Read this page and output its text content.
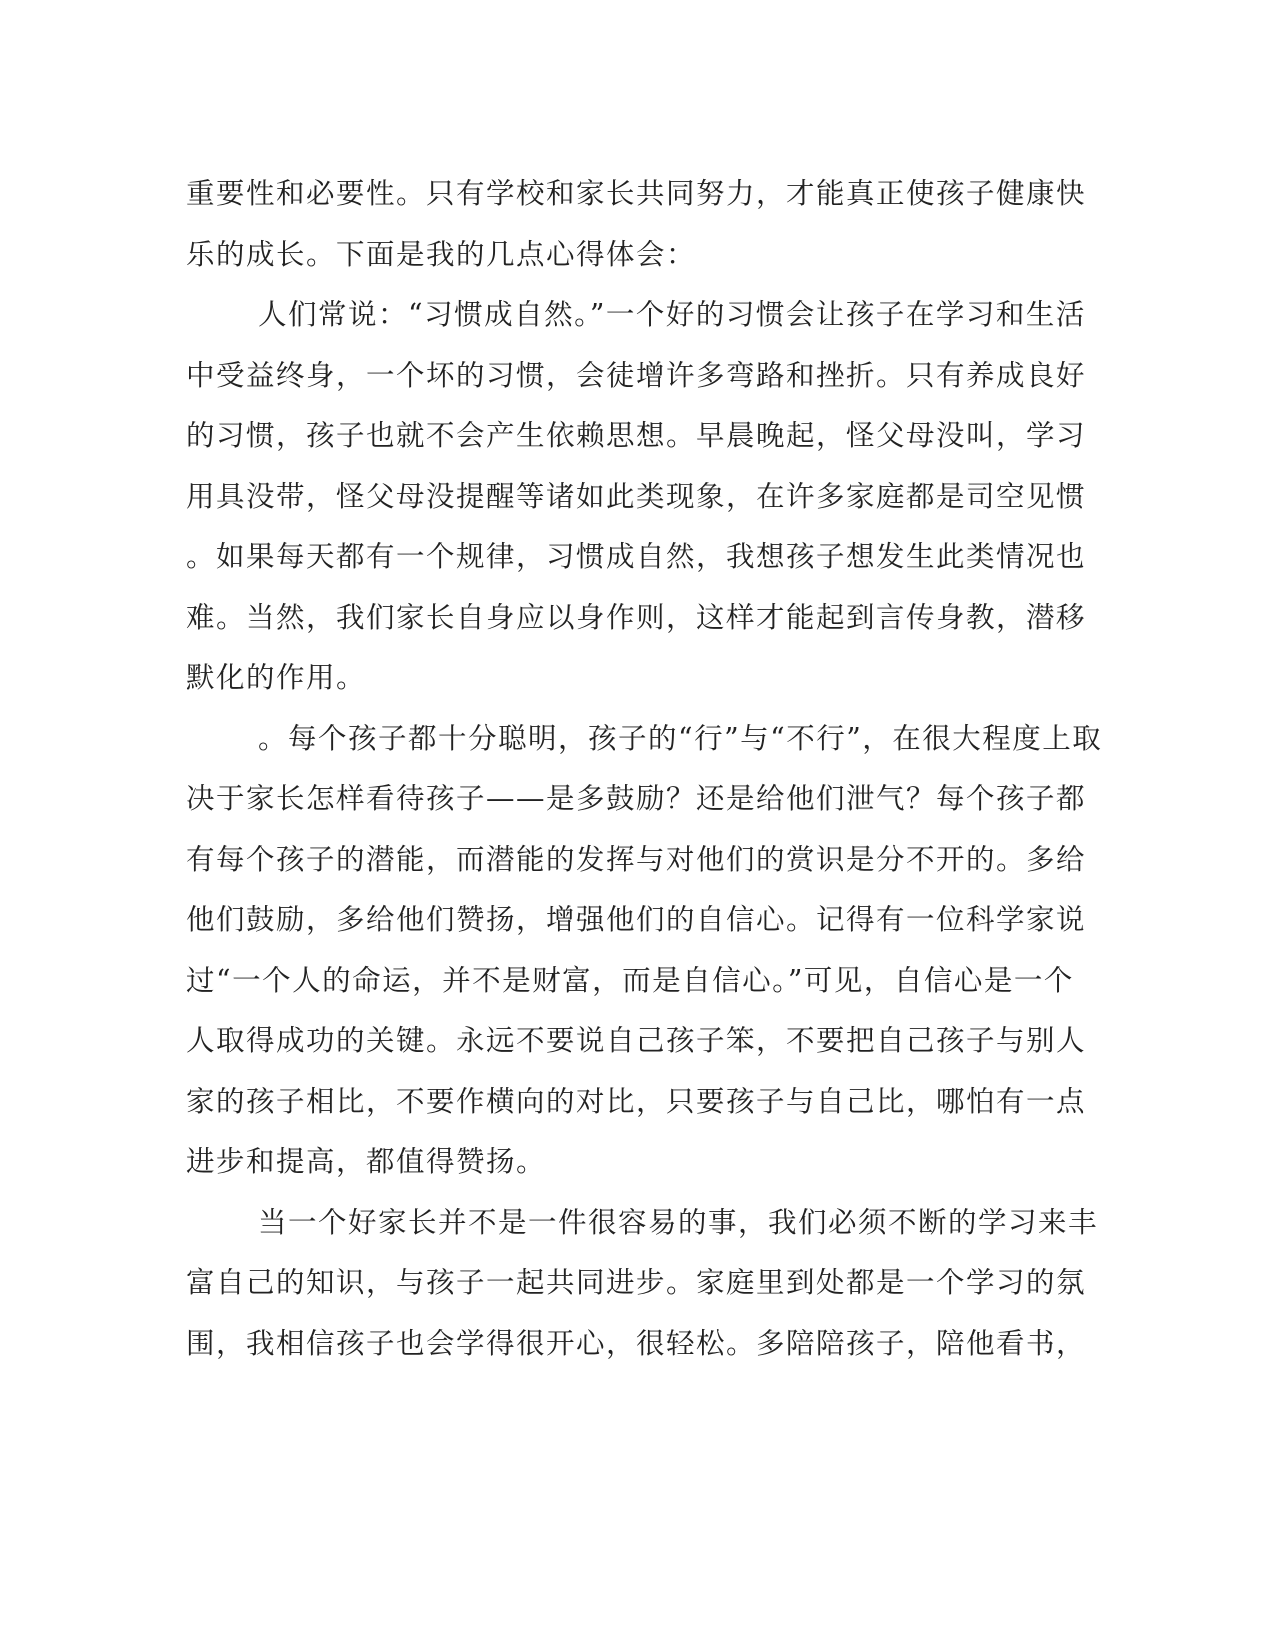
重要性和必要性。只有学校和家长共同努力，才能真正使孩子健康快
乐的成长。下面是我的几点心得体会：
人们常说：“习惯成自然。”一个好的习惯会让孩子在学习和生活
中受益终身，一个坏的习惯，会徒增许多弯路和挫折。只有养成良好
的习惯，孩子也就不会产生依赖思想。早晨晚起，怪父母没叫，学习
用具没带，怪父母没提醒等诸如此类现象，在许多家庭都是司空见惯
。如果每天都有一个规律，习惯成自然，我想孩子想发生此类情况也
难。当然，我们家长自身应以身作则，这样才能起到言传身教，潜移
默化的作用。
。每个孩子都十分聪明，孩子的“行”与“不行”，在很大程度上取
决于家长怎样看待孩子——是多鼓励？还是给他们泄气？每个孩子都
有每个孩子的潜能，而潜能的发挥与对他们的赏识是分不开的。多给
他们鼓励，多给他们赞扬，增强他们的自信心。记得有一位科学家说
过“一个人的命运，并不是财富，而是自信心。”可见，自信心是一个
人取得成功的关键。永远不要说自己孩子笨，不要把自己孩子与别人
家的孩子相比，不要作横向的对比，只要孩子与自己比，哪怕有一点
进步和提高，都值得赞扬。
当一个好家长并不是一件很容易的事，我们必须不断的学习来丰
富自己的知识，与孩子一起共同进步。家庭里到处都是一个学习的氛
围，我相信孩子也会学得很开心，很轻松。多陪陪孩子，陪他看书，
